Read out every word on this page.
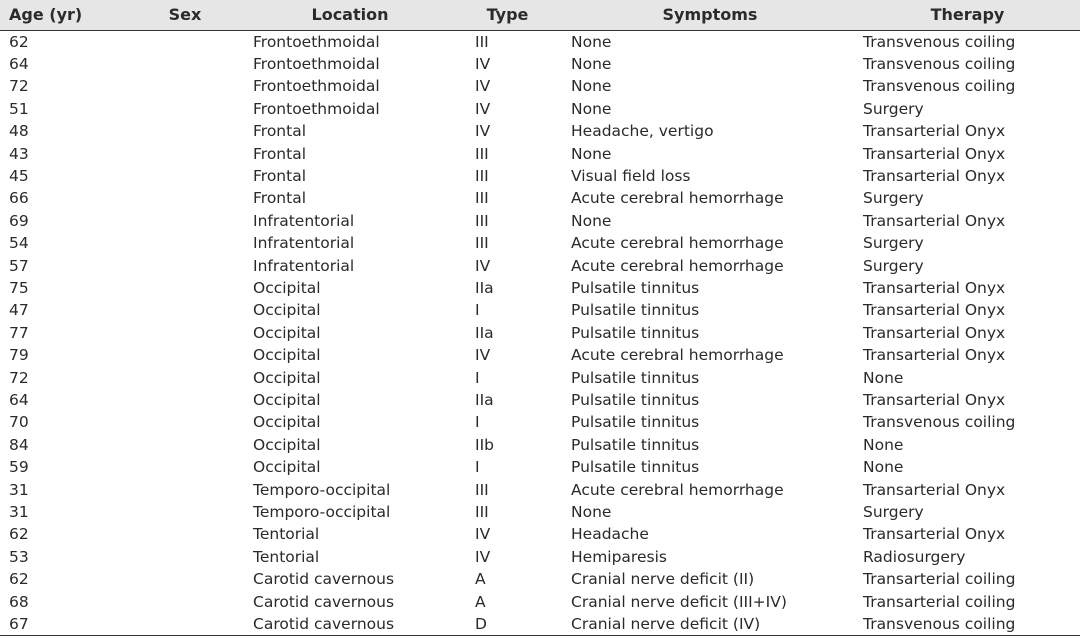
Age (yr)	Sex	Location	Type	Symptoms	Therapy
62		Frontoethmoidal	III	None	Transvenous coiling
64		Frontoethmoidal	IV	None	Transvenous coiling
72		Frontoethmoidal	IV	None	Transvenous coiling
51		Frontoethmoidal	IV	None	Surgery
48		Frontal	IV	Headache, vertigo	Transarterial Onyx
43		Frontal	III	None	Transarterial Onyx
45		Frontal	III	Visual field loss	Transarterial Onyx
66		Frontal	III	Acute cerebral hemorrhage	Surgery
69		Infratentorial	III	None	Transarterial Onyx
54		Infratentorial	III	Acute cerebral hemorrhage	Surgery
57		Infratentorial	IV	Acute cerebral hemorrhage	Surgery
75		Occipital	IIa	Pulsatile tinnitus	Transarterial Onyx
47		Occipital	I	Pulsatile tinnitus	Transarterial Onyx
77		Occipital	IIa	Pulsatile tinnitus	Transarterial Onyx
79		Occipital	IV	Acute cerebral hemorrhage	Transarterial Onyx
72		Occipital	I	Pulsatile tinnitus	None
64		Occipital	IIa	Pulsatile tinnitus	Transarterial Onyx
70		Occipital	I	Pulsatile tinnitus	Transvenous coiling
84		Occipital	IIb	Pulsatile tinnitus	None
59		Occipital	I	Pulsatile tinnitus	None
31		Temporo-occipital	III	Acute cerebral hemorrhage	Transarterial Onyx
31		Temporo-occipital	III	None	Surgery
62		Tentorial	IV	Headache	Transarterial Onyx
53		Tentorial	IV	Hemiparesis	Radiosurgery
62		Carotid cavernous	A	Cranial nerve deficit (II)	Transarterial coiling
68		Carotid cavernous	A	Cranial nerve deficit (III+IV)	Transarterial coiling
67		Carotid cavernous	D	Cranial nerve deficit (IV)	Transvenous coiling
